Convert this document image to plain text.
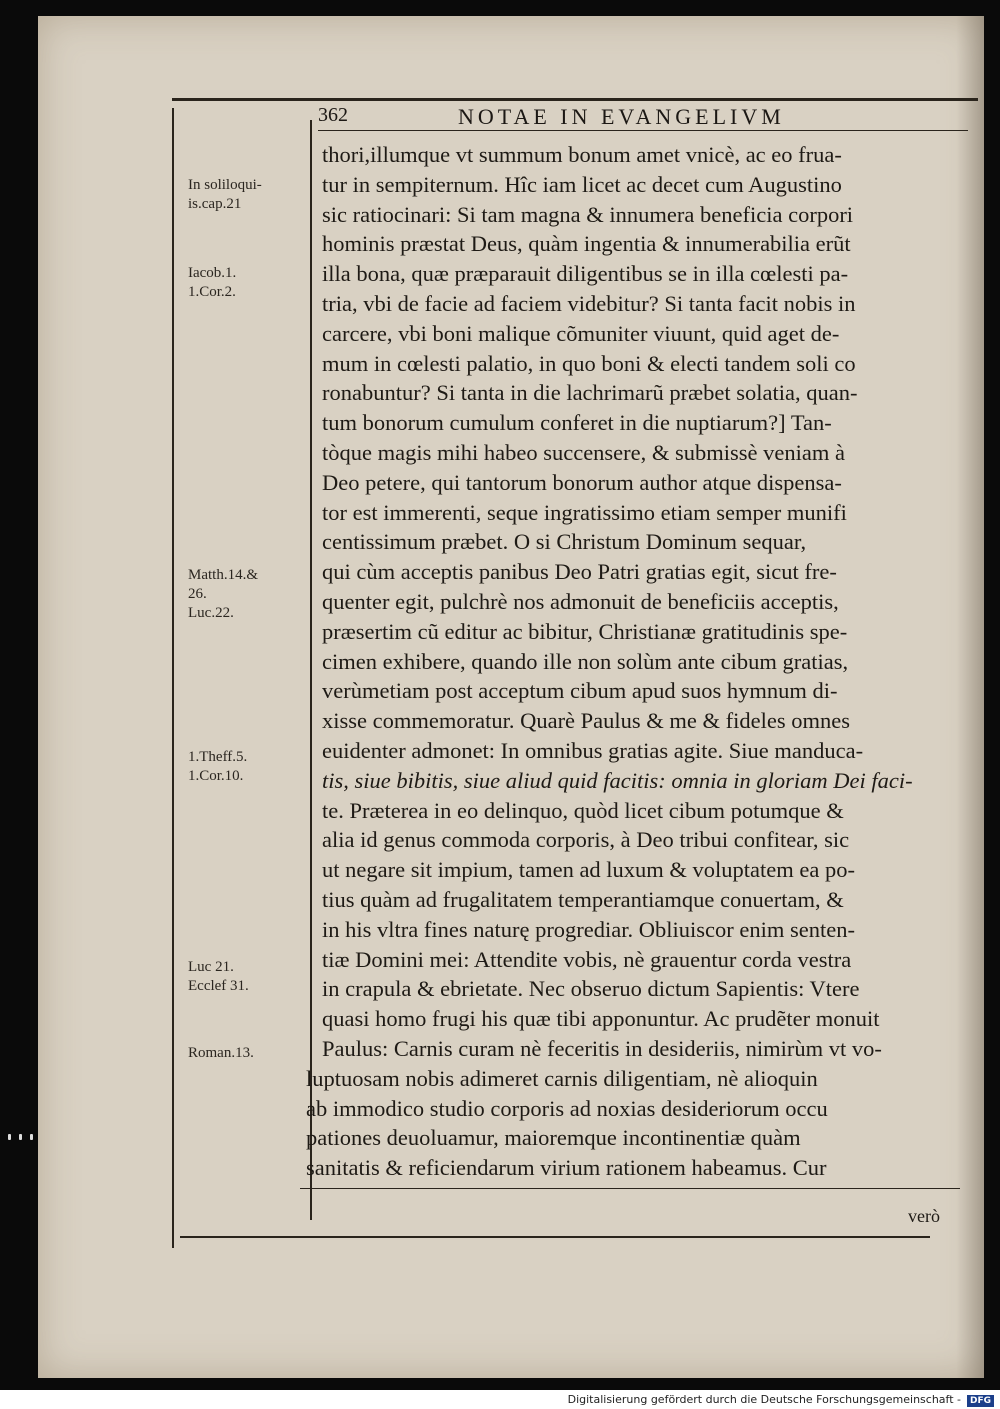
362	NOTAE IN EVANGELIVM
In soliloqui-
is.cap.21
Iacob.1.
1.Cor.2.
Matth.14.&
26.
Luc.22.
1.Theff.5.
1.Cor.10.
Luc 21.
Ecclef 31.
Roman.13.
thori,illumque vt summum bonum amet vnicè, ac eo frua-
tur in sempiternum. Hîc iam licet ac decet cum Augustino
sic ratiocinari: Si tam magna & innumera beneficia corpori
hominis præstat Deus, quàm ingentia & innumerabilia erũt
illa bona, quæ præparauit diligentibus se in illa cœlesti pa-
tria, vbi de facie ad faciem videbitur? Si tanta facit nobis in
carcere, vbi boni malique cõmuniter viuunt, quid aget de-
mum in cœlesti palatio, in quo boni & electi tandem soli co
ronabuntur? Si tanta in die lachrimarũ præbet solatia, quan-
tum bonorum cumulum conferet in die nuptiarum?] Tan-
tòque magis mihi habeo succensere, & submissè veniam à
Deo petere, qui tantorum bonorum author atque dispensa-
tor est immerenti, seque ingratissimo etiam semper munifi
centissimum præbet. O si Christum Dominum sequar,
qui cùm acceptis panibus Deo Patri gratias egit, sicut fre-
quenter egit, pulchrè nos admonuit de beneficiis acceptis,
præsertim cũ editur ac bibitur, Christianæ gratitudinis spe-
cimen exhibere, quando ille non solùm ante cibum gratias,
verùmetiam post acceptum cibum apud suos hymnum di-
xisse commemoratur. Quarè Paulus & me & fideles omnes
euidenter admonet: In omnibus gratias agite. Siue manduca-
tis, siue bibitis, siue aliud quid facitis: omnia in gloriam Dei faci-
te. Præterea in eo delinquo, quòd licet cibum potumque &
alia id genus commoda corporis, à Deo tribui confitear, sic
ut negare sit impium, tamen ad luxum & voluptatem ea po-
tius quàm ad frugalitatem temperantiamque conuertam, &
in his vltra fines naturę progrediar. Obliuiscor enim senten-
tiæ Domini mei: Attendite vobis, nè grauentur corda vestra
in crapula & ebrietate. Nec obseruo dictum Sapientis: Vtere
quasi homo frugi his quæ tibi apponuntur. Ac prudẽter monuit
Paulus: Carnis curam nè feceritis in desideriis, nimirùm vt vo-
luptuosam nobis adimeret carnis diligentiam, nè alioquin
ab immodico studio corporis ad noxias desideriorum occu
pationes deuoluamur, maioremque incontinentiæ quàm
sanitatis & reficiendarum virium rationem habeamus. Cur
verò
Digitalisierung gefördert durch die Deutsche Forschungsgemeinschaft - DFG
